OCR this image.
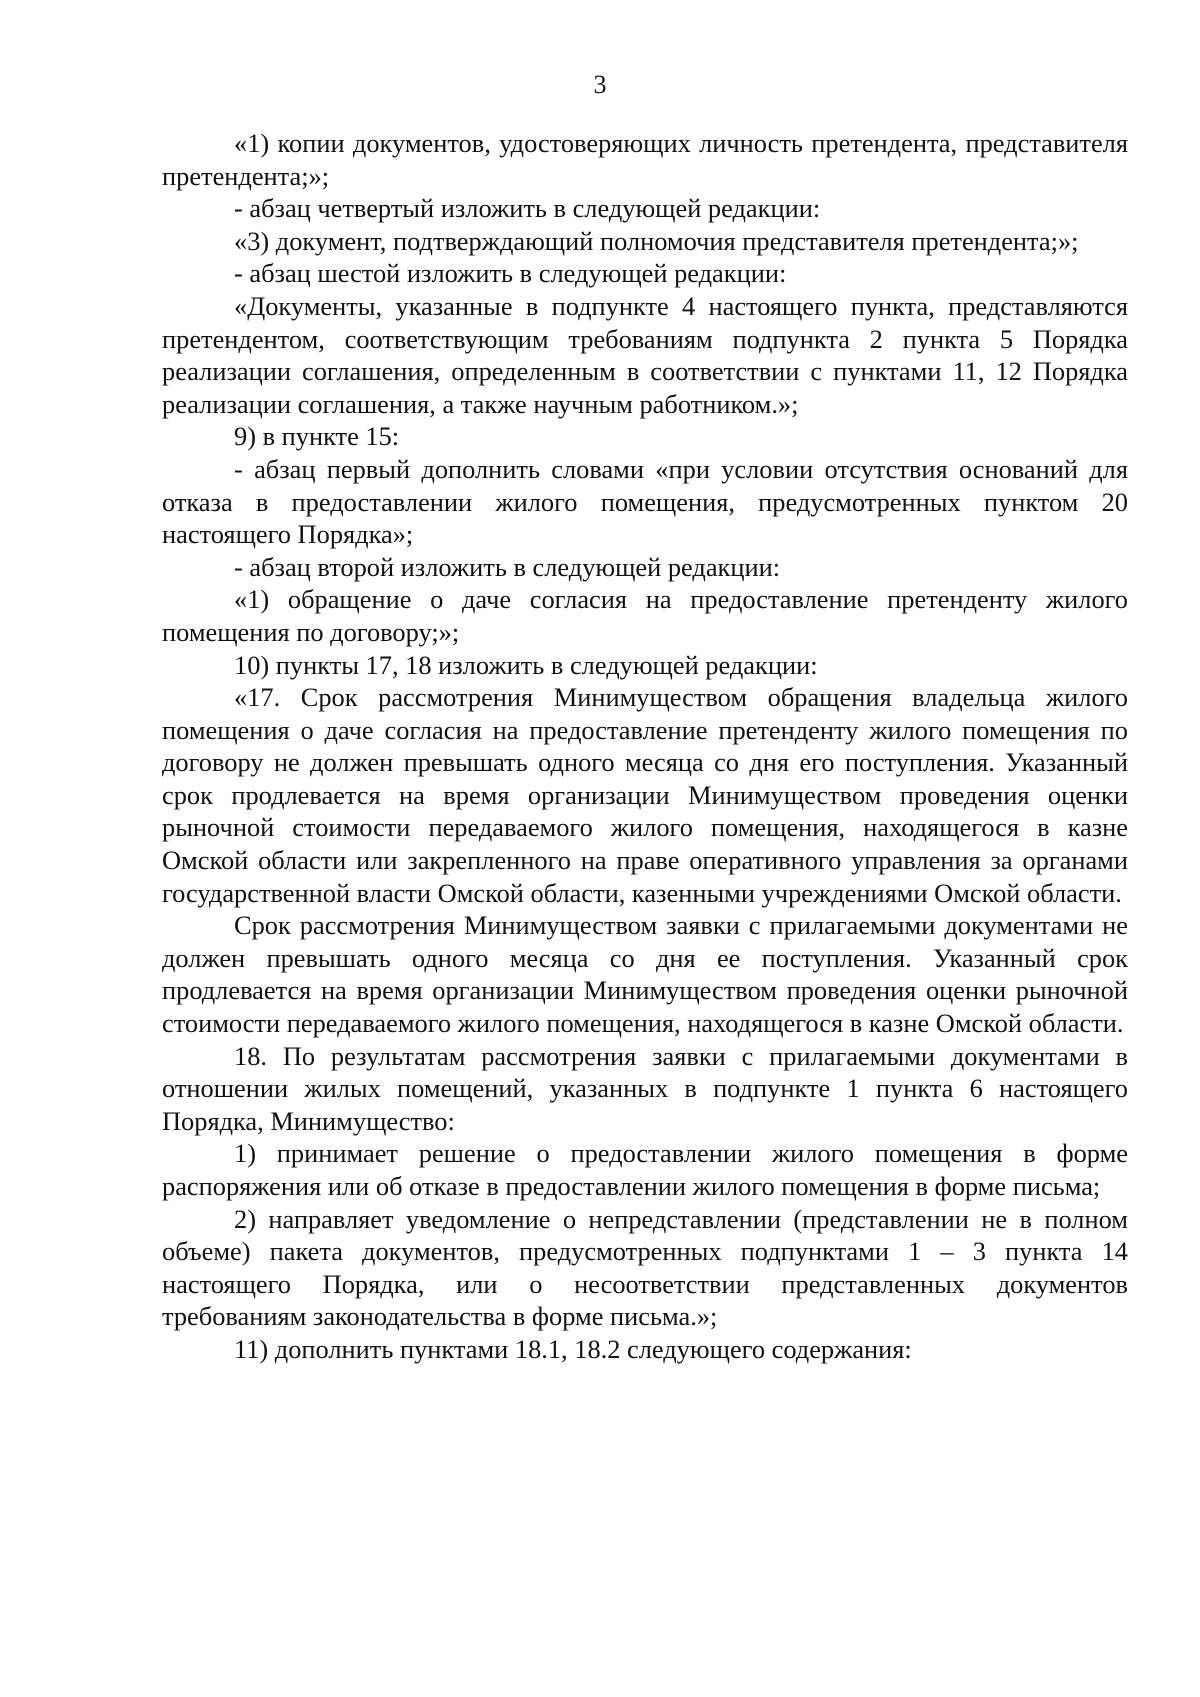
3

«1) копии документов, удостоверяющих личность претендента, представителя претендента;»;

- абзац четвертый изложить в следующей редакции:

«3) документ, подтверждающий полномочия представителя претендента;»;

- абзац шестой изложить в следующей редакции:

«Документы, указанные в подпункте 4 настоящего пункта, представляются претендентом, соответствующим требованиям подпункта 2 пункта 5 Порядка реализации соглашения, определенным в соответствии с пунктами 11, 12 Порядка реализации соглашения, а также научным работником.»;

9) в пункте 15:

- абзац первый дополнить словами «при условии отсутствия оснований для отказа в предоставлении жилого помещения, предусмотренных пунктом 20 настоящего Порядка»;

- абзац второй изложить в следующей редакции:

«1) обращение о даче согласия на предоставление претенденту жилого помещения по договору;»;

10) пункты 17, 18 изложить в следующей редакции:

«17. Срок рассмотрения Минимуществом обращения владельца жилого помещения о даче согласия на предоставление претенденту жилого помещения по договору не должен превышать одного месяца со дня его поступления. Указанный срок продлевается на время организации Минимуществом проведения оценки рыночной стоимости передаваемого жилого помещения, находящегося в казне Омской области или закрепленного на праве оперативного управления за органами государственной власти Омской области, казенными учреждениями Омской области.

Срок рассмотрения Минимуществом заявки с прилагаемыми документами не должен превышать одного месяца со дня ее поступления. Указанный срок продлевается на время организации Минимуществом проведения оценки рыночной стоимости передаваемого жилого помещения, находящегося в казне Омской области.

18. По результатам рассмотрения заявки с прилагаемыми документами в отношении жилых помещений, указанных в подпункте 1 пункта 6 настоящего Порядка, Минимущество:

1) принимает решение о предоставлении жилого помещения в форме распоряжения или об отказе в предоставлении жилого помещения в форме письма;

2) направляет уведомление о непредставлении (представлении не в полном объеме) пакета документов, предусмотренных подпунктами 1 – 3 пункта 14 настоящего Порядка, или о несоответствии представленных документов требованиям законодательства в форме письма.»;

11) дополнить пунктами 18.1, 18.2 следующего содержания:
